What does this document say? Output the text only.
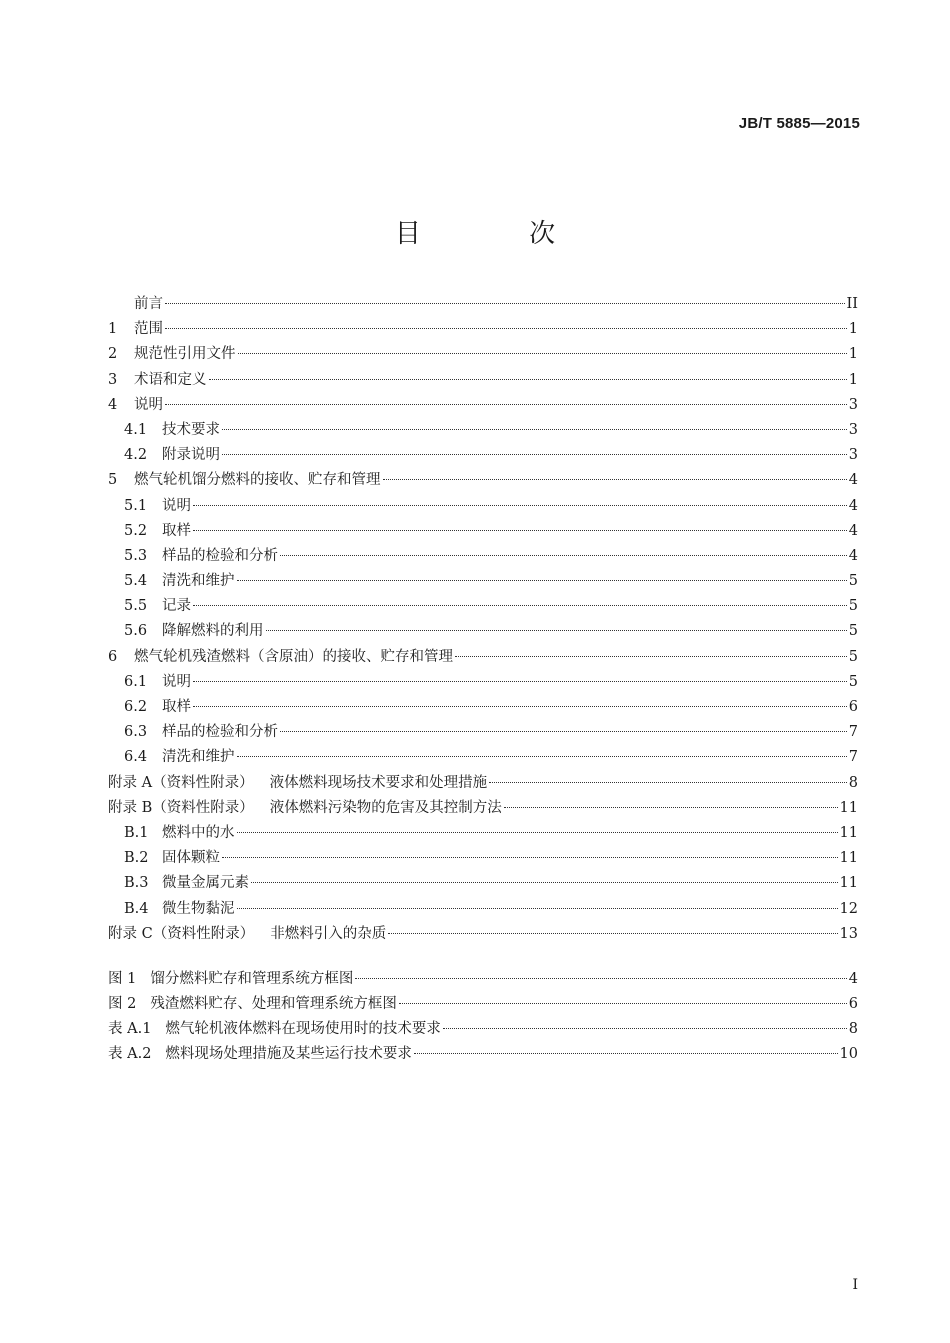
JB/T 5885—2015
目 次
前言	II
1	范围	1
2	规范性引用文件	1
3	术语和定义	1
4	说明	3
4.1	技术要求	3
4.2	附录说明	3
5	燃气轮机馏分燃料的接收、贮存和管理	4
5.1	说明	4
5.2	取样	4
5.3	样品的检验和分析	4
5.4	清洗和维护	5
5.5	记录	5
5.6	降解燃料的利用	5
6	燃气轮机残渣燃料（含原油）的接收、贮存和管理	5
6.1	说明	5
6.2	取样	6
6.3	样品的检验和分析	7
6.4	清洗和维护	7
附录 A（资料性附录） 液体燃料现场技术要求和处理措施	8
附录 B（资料性附录） 液体燃料污染物的危害及其控制方法	11
B.1 燃料中的水	11
B.2 固体颗粒	11
B.3 微量金属元素	11
B.4 微生物黏泥	12
附录 C（资料性附录） 非燃料引入的杂质	13
图 1 馏分燃料贮存和管理系统方框图	4
图 2 残渣燃料贮存、处理和管理系统方框图	6
表 A.1 燃气轮机液体燃料在现场使用时的技术要求	8
表 A.2 燃料现场处理措施及某些运行技术要求	10
I
